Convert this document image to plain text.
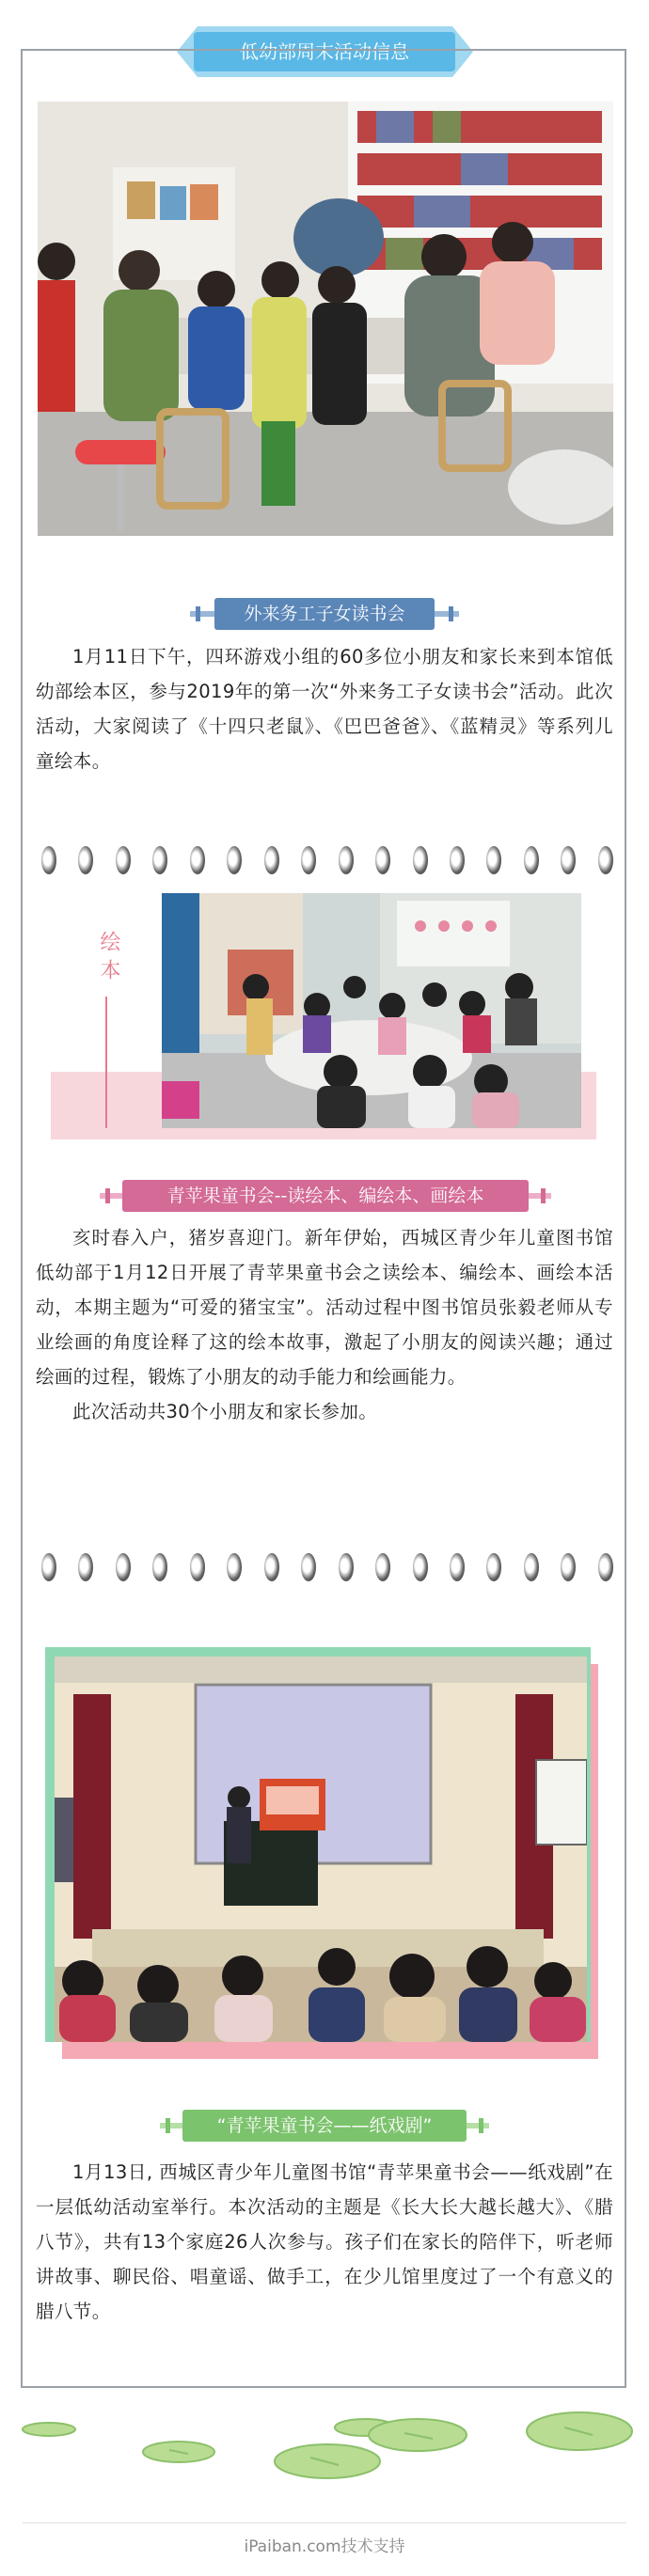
低幼部周末活动信息
外来务工子女读书会

1月11日下午，四环游戏小组的60多位小朋友和家长来到本馆低幼部绘本区，参与2019年的第一次“外来务工子女读书会”活动。此次活动，大家阅读了《十四只老鼠》、《巴巴爸爸》、《蓝精灵》等系列儿童绘本。

绘本
青苹果童书会--读绘本、编绘本、画绘本

亥时春入户，猪岁喜迎门。新年伊始，西城区青少年儿童图书馆低幼部于1月12日开展了青苹果童书会之读绘本、编绘本、画绘本活动，本期主题为“可爱的猪宝宝”。活动过程中图书馆员张毅老师从专业绘画的角度诠释了这的绘本故事，激起了小朋友的阅读兴趣；通过绘画的过程，锻炼了小朋友的动手能力和绘画能力。

此次活动共30个小朋友和家长参加。

“青苹果童书会——纸戏剧”

1月13日, 西城区青少年儿童图书馆“青苹果童书会——纸戏剧”在一层低幼活动室举行。本次活动的主题是《长大长大越长越大》、《腊八节》，共有13个家庭26人次参与。孩子们在家长的陪伴下，听老师讲故事、聊民俗、唱童谣、做手工，在少儿馆里度过了一个有意义的腊八节。

iPaiban.com技术支持
